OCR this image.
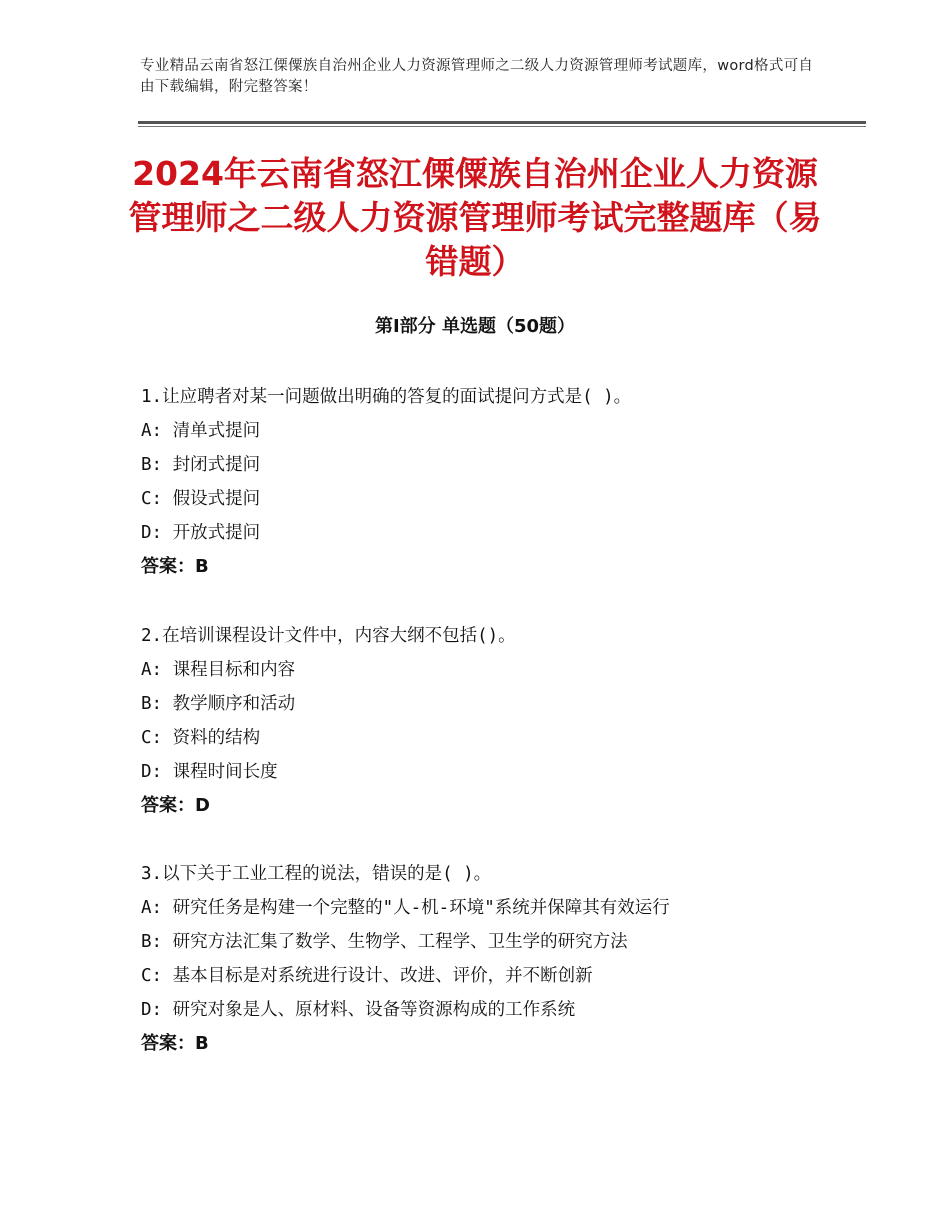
专业精品云南省怒江傈僳族自治州企业人力资源管理师之二级人力资源管理师考试题库，word格式可自由下载编辑，附完整答案！
2024年云南省怒江傈僳族自治州企业人力资源管理师之二级人力资源管理师考试完整题库（易错题）
第Ⅰ部分 单选题（50题）
1.让应聘者对某一问题做出明确的答复的面试提问方式是( )。
A: 清单式提问
B: 封闭式提问
C: 假设式提问
D: 开放式提问
答案：B
2.在培训课程设计文件中，内容大纲不包括()。
A: 课程目标和内容
B: 教学顺序和活动
C: 资料的结构
D: 课程时间长度
答案：D
3.以下关于工业工程的说法，错误的是( )。
A: 研究任务是构建一个完整的"人-机-环境"系统并保障其有效运行
B: 研究方法汇集了数学、生物学、工程学、卫生学的研究方法
C: 基本目标是对系统进行设计、改进、评价，并不断创新
D: 研究对象是人、原材料、设备等资源构成的工作系统
答案：B
